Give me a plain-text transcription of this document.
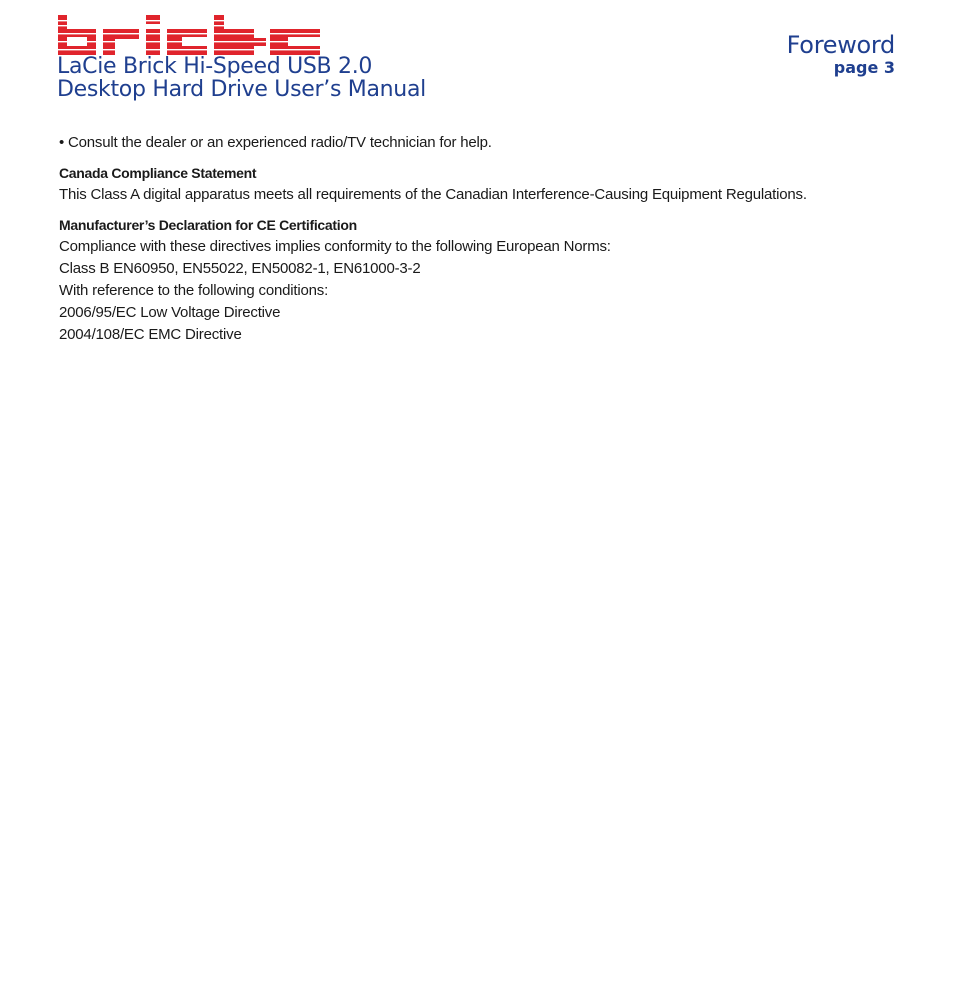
LaCie Brick Hi-Speed USB 2.0
Desktop Hard Drive User’s Manual
Foreword
page 3

• Consult the dealer or an experienced radio/TV technician for help.

Canada Compliance Statement

This Class A digital apparatus meets all requirements of the Canadian Interference-Causing Equipment Regulations.

Manufacturer’s Declaration for CE Certification

Compliance with these directives implies conformity to the following European Norms:

Class B EN60950, EN55022, EN50082-1, EN61000-3-2

With reference to the following conditions:

2006/95/EC Low Voltage Directive

2004/108/EC EMC Directive
